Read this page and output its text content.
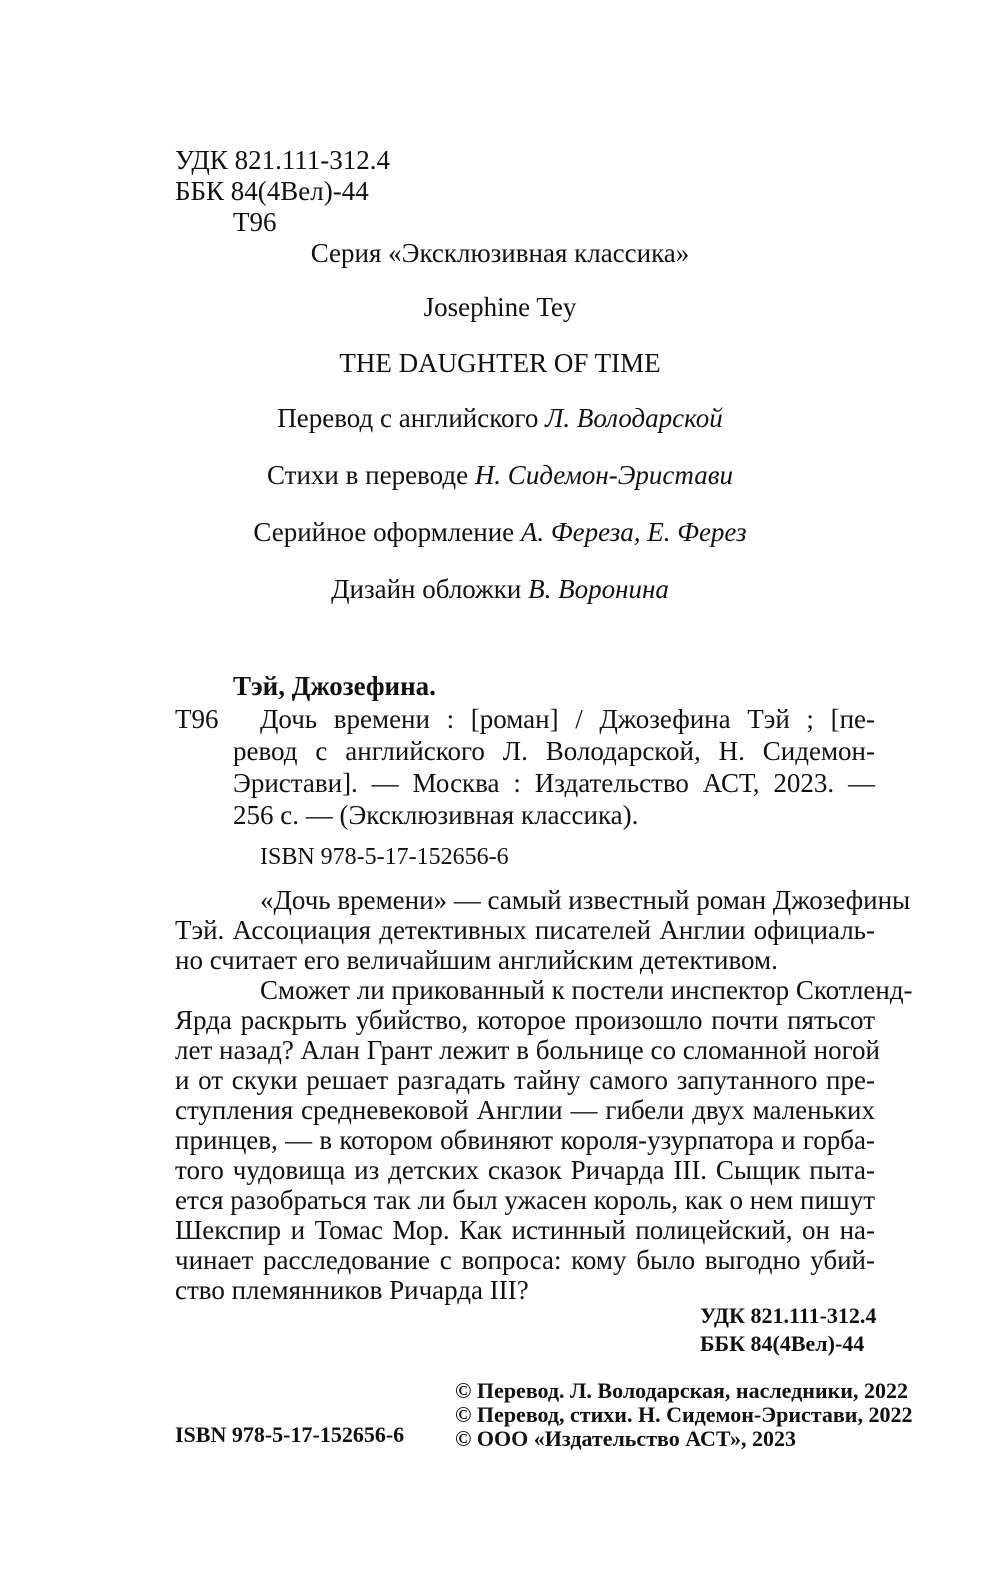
УДК 821.111-312.4
ББК 84(4Вел)-44
Т96
Серия «Эксклюзивная классика»
Josephine Tey
THE DAUGHTER OF TIME
Перевод с английского Л. Володарской
Стихи в переводе Н. Сидемон-Эристави
Серийное оформление А. Фереза, Е. Ферез
Дизайн обложки В. Воронина
Тэй, Джозефина.
Т96 Дочь времени : [роман] / Джозефина Тэй ; [пе-
ревод с английского Л. Володарской, Н. Сидемон-
Эристави]. — Москва : Издательство АСТ, 2023. —
256 с. — (Эксклюзивная классика).
ISBN 978-5-17-152656-6
«Дочь времени» — самый известный роман Джозефины
Тэй. Ассоциация детективных писателей Англии официаль-
но считает его величайшим английским детективом.
Сможет ли прикованный к постели инспектор Скотленд-
Ярда раскрыть убийство, которое произошло почти пятьсот
лет назад? Алан Грант лежит в больнице со сломанной ногой
и от скуки решает разгадать тайну самого запутанного пре-
ступления средневековой Англии — гибели двух маленьких
принцев, — в котором обвиняют короля-узурпатора и горба-
того чудовища из детских сказок Ричарда III. Сыщик пыта-
ется разобраться так ли был ужасен король, как о нем пишут
Шекспир и Томас Мор. Как истинный полицейский, он на-
чинает расследование с вопроса: кому было выгодно убий-
ство племянников Ричарда III?
УДК 821.111-312.4
ББК 84(4Вел)-44
ISBN 978-5-17-152656-6
© Перевод. Л. Володарская, наследники, 2022
© Перевод, стихи. Н. Сидемон-Эристави, 2022
© ООО «Издательство АСТ», 2023
